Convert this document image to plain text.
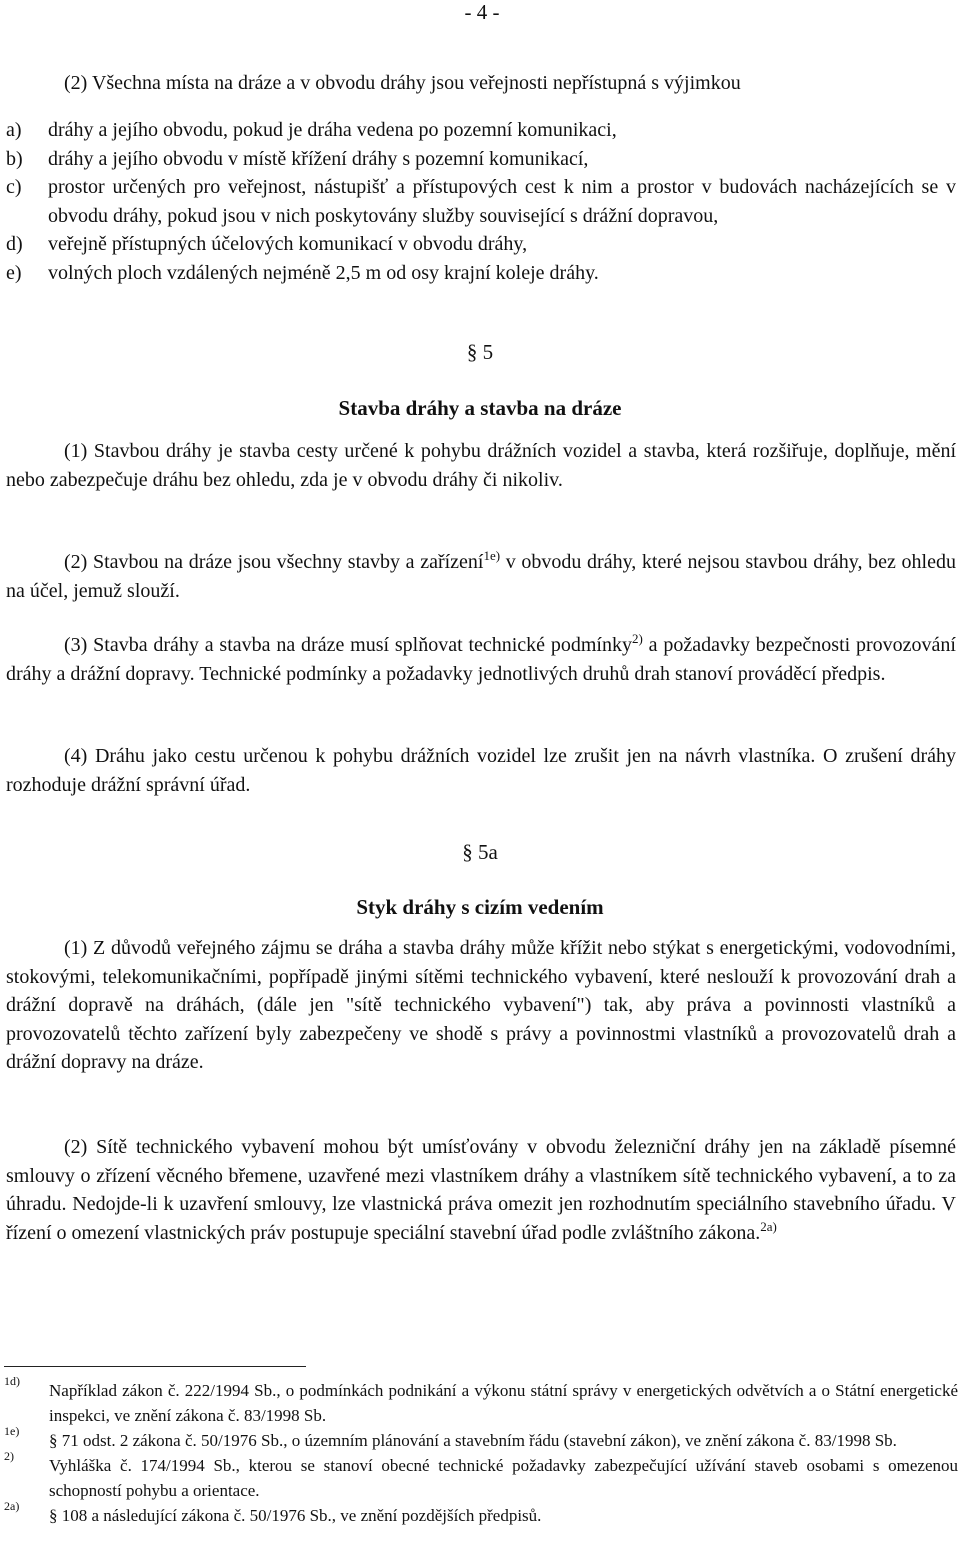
- 4 -
(2) Všechna místa na dráze a v obvodu dráhy jsou veřejnosti nepřístupná s výjimkou
a) dráhy a jejího obvodu, pokud je dráha vedena po pozemní komunikaci,
b) dráhy a jejího obvodu v místě křížení dráhy s pozemní komunikací,
c) prostor určených pro veřejnost, nástupišť a přístupových cest k nim a prostor v budovách nacházejících se v obvodu dráhy, pokud jsou v nich poskytovány služby související s drážní dopravou,
d) veřejně přístupných účelových komunikací v obvodu dráhy,
e) volných ploch vzdálených nejméně 2,5 m od osy krajní koleje dráhy.
§ 5
Stavba dráhy a stavba na dráze
(1) Stavbou dráhy je stavba cesty určené k pohybu drážních vozidel a stavba, která rozšiřuje, doplňuje, mění nebo zabezpečuje dráhu bez ohledu, zda je v obvodu dráhy či nikoliv.
(2) Stavbou na dráze jsou všechny stavby a zařízení$^{1e)}$ v obvodu dráhy, které nejsou stavbou dráhy, bez ohledu na účel, jemuž slouží.
(3) Stavba dráhy a stavba na dráze musí splňovat technické podmínky$^{2)}$ a požadavky bezpečnosti provozování dráhy a drážní dopravy. Technické podmínky a požadavky jednotlivých druhů drah stanoví prováděcí předpis.
(4) Dráhu jako cestu určenou k pohybu drážních vozidel lze zrušit jen na návrh vlastníka. O zrušení dráhy rozhoduje drážní správní úřad.
§ 5a
Styk dráhy s cizím vedením
(1) Z důvodů veřejného zájmu se dráha a stavba dráhy může křížit nebo stýkat s energetickými, vodovodními, stokovými, telekomunikačními, popřípadě jinými sítěmi technického vybavení, které neslouží k provozování drah a drážní dopravě na dráhách, (dále jen "sítě technického vybavení") tak, aby práva a povinnosti vlastníků a provozovatelů těchto zařízení byly zabezpečeny ve shodě s právy a povinnostmi vlastníků a provozovatelů drah a drážní dopravy na dráze.
(2) Sítě technického vybavení mohou být umísťovány v obvodu železniční dráhy jen na základě písemné smlouvy o zřízení věcného břemene, uzavřené mezi vlastníkem dráhy a vlastníkem sítě technického vybavení, a to za úhradu. Nedojde-li k uzavření smlouvy, lze vlastnická práva omezit jen rozhodnutím speciálního stavebního úřadu. V řízení o omezení vlastnických práv postupuje speciální stavební úřad podle zvláštního zákona.$^{2a)}$
1d) Například zákon č. 222/1994 Sb., o podmínkách podnikání a výkonu státní správy v energetických odvětvích a o Státní energetické inspekci, ve znění zákona č. 83/1998 Sb.
1e) § 71 odst. 2 zákona č. 50/1976 Sb., o územním plánování a stavebním řádu (stavební zákon), ve znění zákona č. 83/1998 Sb.
2) Vyhláška č. 174/1994 Sb., kterou se stanoví obecné technické požadavky zabezpečující užívání staveb osobami s omezenou schopností pohybu a orientace.
2a) § 108 a následující zákona č. 50/1976 Sb., ve znění pozdějších předpisů.
